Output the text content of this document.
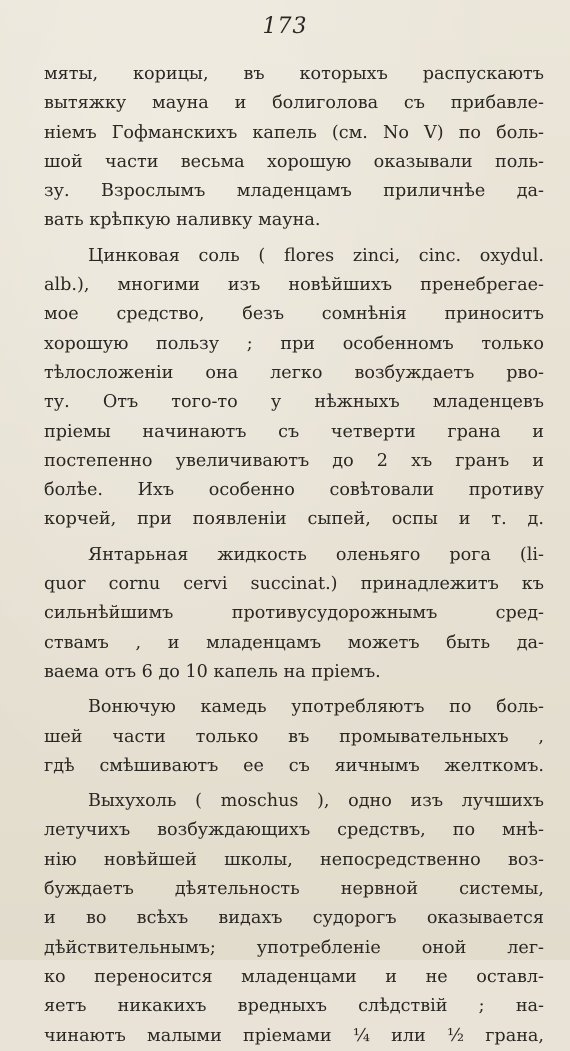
173
мяты, корицы, въ которыхъ распускаютъ
вытяжку мауна и болиголова съ прибавле-
ніемъ Гофманскихъ капель (см. No V) по боль-
шой части весьма хорошую оказывали поль-
зу. Взрослымъ младенцамъ приличнѣе да-
вать крѣпкую наливку мауна.
Цинковая соль ( flores zinci, cinc. oxydul.
alb.), многими изъ новѣйшихъ пренебрегае-
мое средство, безъ сомнѣнія приноситъ
хорошую пользу ; при особенномъ только
тѣлосложеніи она легко возбуждаетъ рво-
ту. Отъ того-то у нѣжныхъ младенцевъ
пріемы начинаютъ съ четверти грана и
постепенно увеличиваютъ до 2 хъ гранъ и
болѣе. Ихъ особенно совѣтовали противу
корчей, при появленіи сыпей, оспы и т. д.
Янтарьная жидкость оленьяго рога (li-
quor cornu cervi succinat.) принадлежитъ къ
сильнѣйшимъ противусудорожнымъ сред-
ствамъ , и младенцамъ можетъ быть да-
ваема отъ 6 до 10 капель на пріемъ.
Вонючую камедь употребляютъ по боль-
шей части только въ промывательныхъ ,
гдѣ смѣшиваютъ ее съ яичнымъ желткомъ.
Выхухоль ( moschus ), одно изъ лучшихъ
летучихъ возбуждающихъ средствъ, по мнѣ-
нію новѣйшей школы, непосредственно воз-
буждаетъ дѣятельность нервной системы,
и во всѣхъ видахъ судорогъ оказывается
дѣйствительнымъ; употребленіе оной лег-
ко переносится младенцами и не оставл-
яетъ никакихъ вредныхъ слѣдствій ; на-
чинаютъ малыми пріемами ¼ или ½ грана,
